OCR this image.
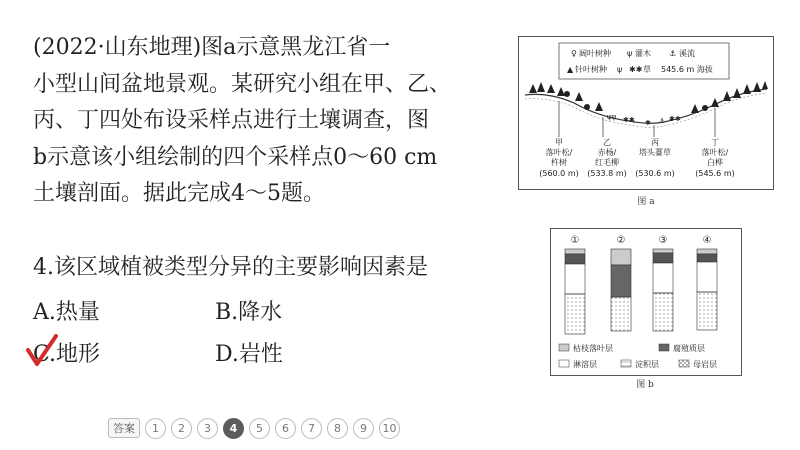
(2022·山东地理)图a示意黑龙江省一
小型山间盆地景观。某研究小组在甲、乙、
丙、丁四处布设采样点进行土壤调查，图
b示意该小组绘制的四个采样点0～60 cm
土壤剖面。据此完成4～5题。
4.该区域植被类型分异的主要影响因素是
A.热量	B.降水
C.地形	D.岩性
♀ 阔叶树种 ψ 灌木 ⚓ 溪流
▲ 针叶树种 ψ ✱✱ 草 545.6 m 海拔
ψψ ✱✱ ✱ ⚓ ✱✱
甲
落叶松/
杵树
(560.0 m)
乙
赤杨/
红毛柳
(533.8 m)
丙
塔头薹草
(530.6 m)
丁
落叶松/
白桦
(545.6 m)
图 a
①	②	③	④
枯枝落叶层	腐殖质层
淋溶层	淀积层	母岩层
图 b
答案	1	2	3	4	5	6	7	8	9	10
